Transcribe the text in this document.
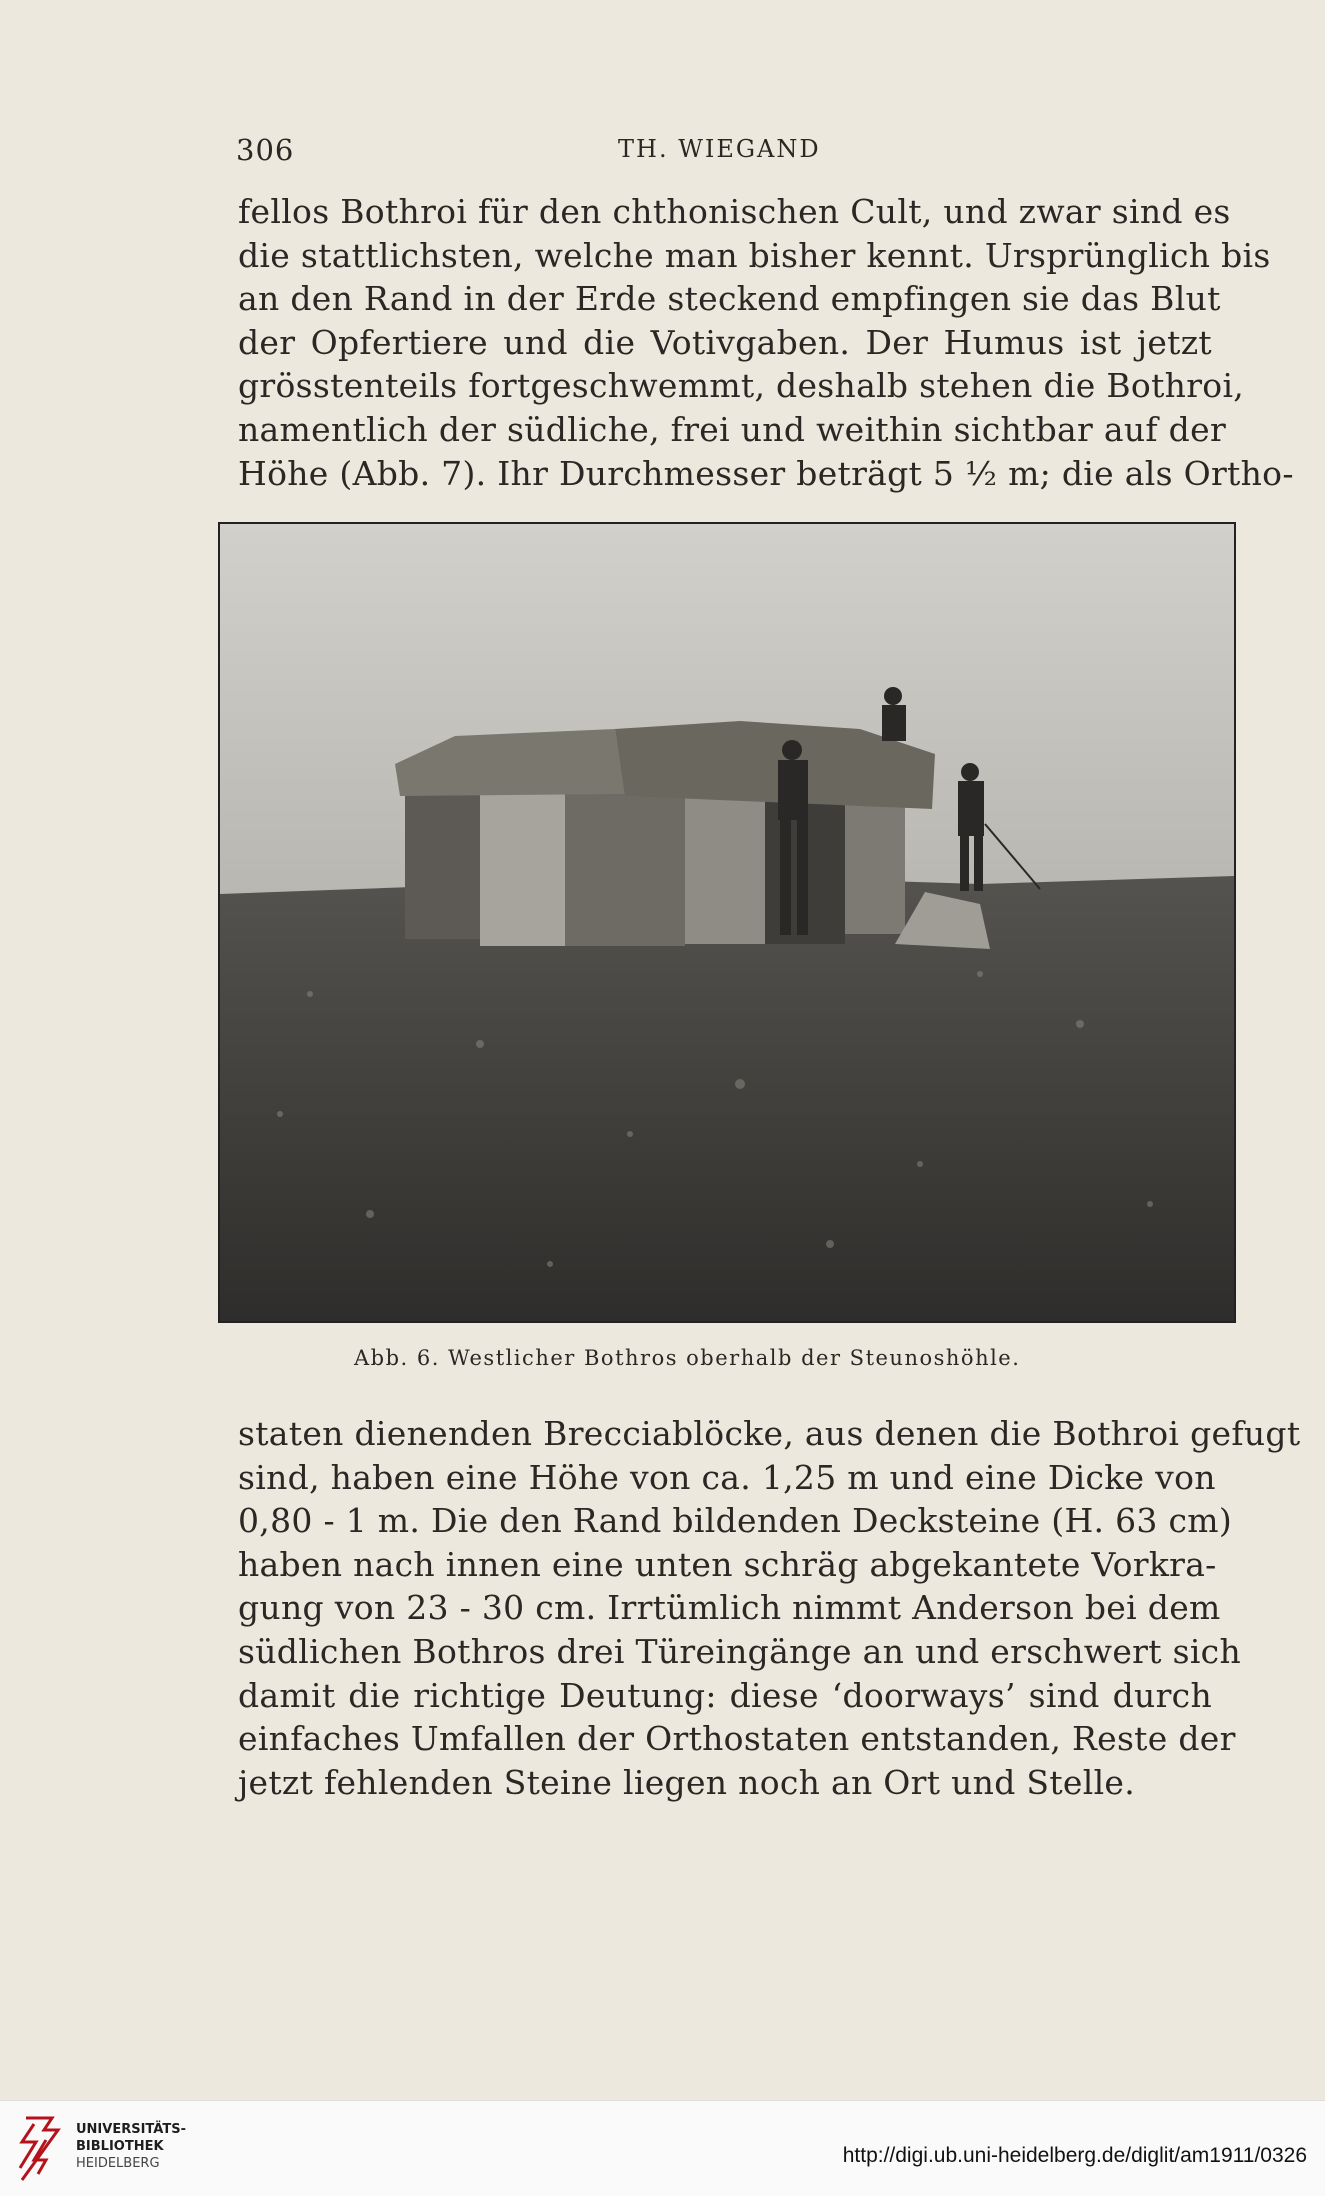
306	TH. WIEGAND
fellos Bothroi für den chthonischen Cult, und zwar sind es
die stattlichsten, welche man bisher kennt. Ursprünglich bis
an den Rand in der Erde steckend empfingen sie das Blut
der Opfertiere und die Votivgaben. Der Humus ist jetzt
grösstenteils fortgeschwemmt, deshalb stehen die Bothroi,
namentlich der südliche, frei und weithin sichtbar auf der
Höhe (Abb. 7). Ihr Durchmesser beträgt 5 ½ m; die als Ortho-
Abb. 6. Westlicher Bothros oberhalb der Steunoshöhle.
staten dienenden Brecciablöcke, aus denen die Bothroi gefugt
sind, haben eine Höhe von ca. 1,25 m und eine Dicke von
0,80 - 1 m. Die den Rand bildenden Decksteine (H. 63 cm)
haben nach innen eine unten schräg abgekantete Vorkra-
gung von 23 - 30 cm. Irrtümlich nimmt Anderson bei dem
südlichen Bothros drei Türeingänge an und erschwert sich
damit die richtige Deutung: diese ‘doorways’ sind durch
einfaches Umfallen der Orthostaten entstanden, Reste der
jetzt fehlenden Steine liegen noch an Ort und Stelle.
UNIVERSITÄTS-
BIBLIOTHEK
HEIDELBERG	http://digi.ub.uni-heidelberg.de/diglit/am1911/0326
